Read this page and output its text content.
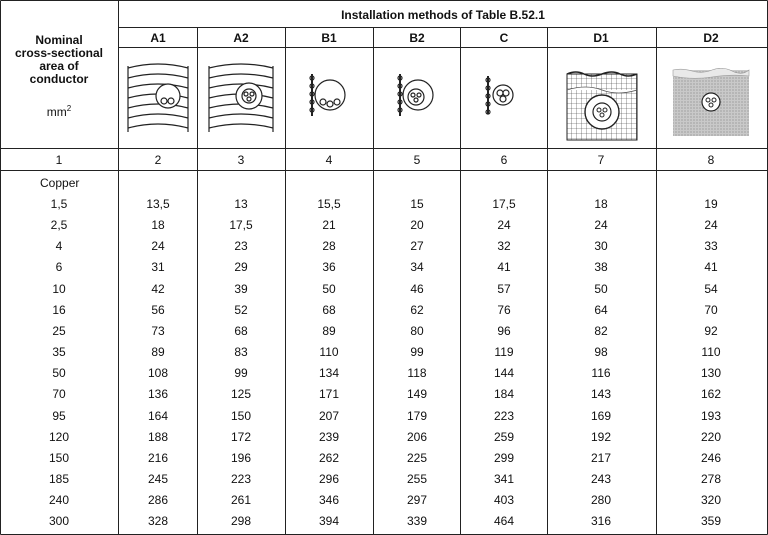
Installation methods of Table B.52.1
Nominal
cross-sectional
area of
conductor
$mm^2$
A1	A2	B1	B2	C	D1	D2
1	2	3	4	5	6	7	8
Copper
1,5	13,5	13	15,5	15	17,5	18	19
2,5	18	17,5	21	20	24	24	24
4	24	23	28	27	32	30	33
6	31	29	36	34	41	38	41
10	42	39	50	46	57	50	54
16	56	52	68	62	76	64	70
25	73	68	89	80	96	82	92
35	89	83	110	99	119	98	110
50	108	99	134	118	144	116	130
70	136	125	171	149	184	143	162
95	164	150	207	179	223	169	193
120	188	172	239	206	259	192	220
150	216	196	262	225	299	217	246
185	245	223	296	255	341	243	278
240	286	261	346	297	403	280	320
300	328	298	394	339	464	316	359
